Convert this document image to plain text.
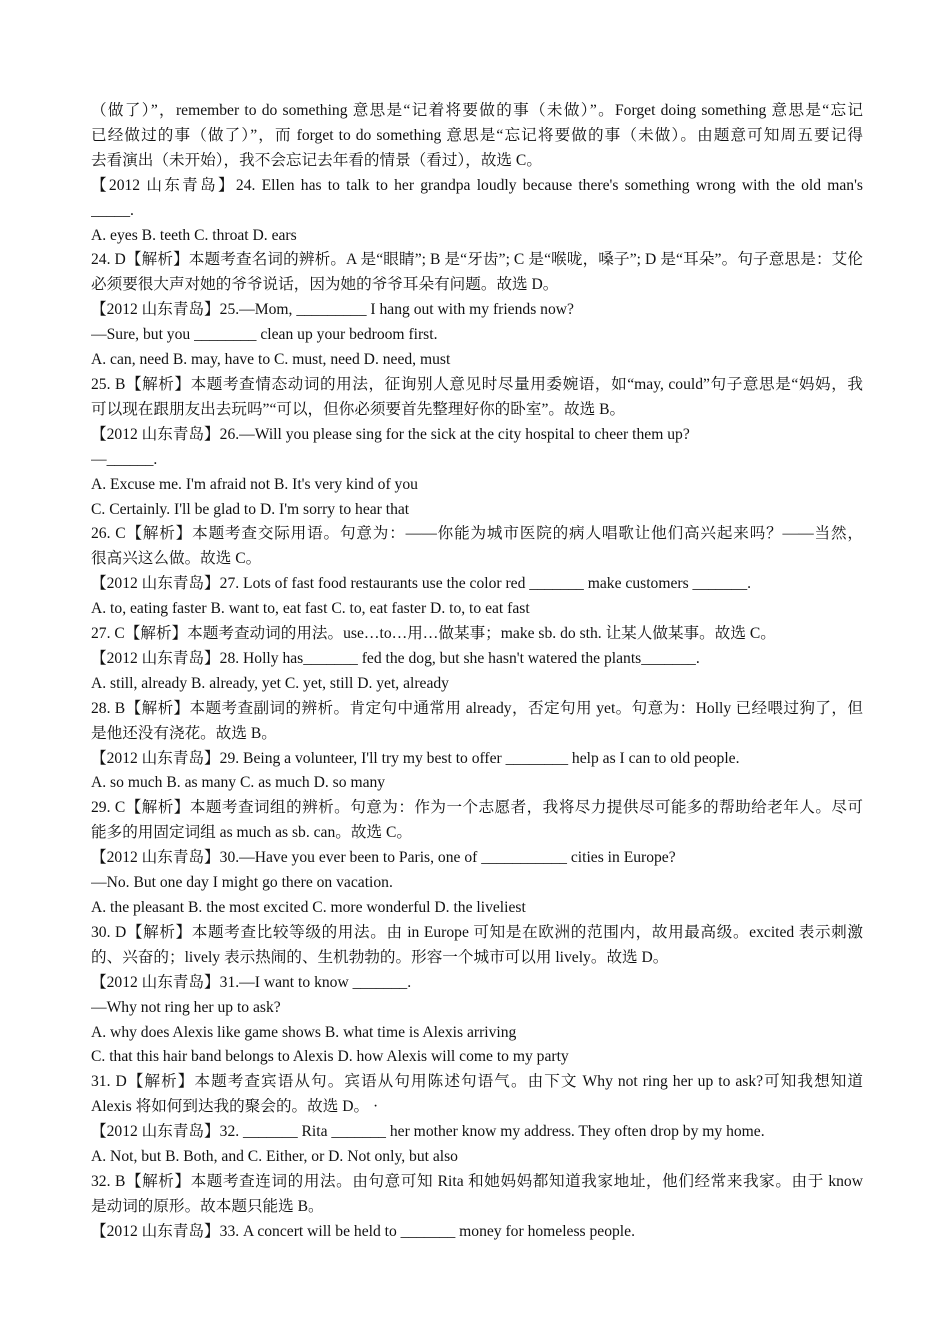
（做了）”，remember to do something 意思是“记着将要做的事（未做）”。Forget doing something 意思是“忘记
已经做过的事（做了）”，而 forget to do something 意思是“忘记将要做的事（未做）。由题意可知周五要记得
去看演出（未开始），我不会忘记去年看的情景（看过），故选 C。
【2012 山东青岛】24. Ellen has to talk to her grandpa loudly because there's something wrong with the old man's
_____.
A. eyes B. teeth C. throat D. ears
24. D【解析】本题考查名词的辨析。A 是“眼睛”; B 是“牙齿”; C 是“喉咙，嗓子”; D 是“耳朵”。句子意思是：艾伦
必须要很大声对她的爷爷说话，因为她的爷爷耳朵有问题。故选 D。
【2012 山东青岛】25.—Mom, _________ I hang out with my friends now?
—Sure, but you ________ clean up your bedroom first.
A. can, need B. may, have to C. must, need D. need, must
25. B【解析】本题考查情态动词的用法，征询别人意见时尽量用委婉语，如“may, could”句子意思是“妈妈，我
可以现在跟朋友出去玩吗”“可以，但你必须要首先整理好你的卧室”。故选 B。
【2012 山东青岛】26.—Will you please sing for the sick at the city hospital to cheer them up?
—______.
A. Excuse me. I'm afraid not B. It's very kind of you
C. Certainly. I'll be glad to D. I'm sorry to hear that
26. C【解析】本题考查交际用语。句意为：——你能为城市医院的病人唱歌让他们高兴起来吗？——当然，
很高兴这么做。故选 C。
【2012 山东青岛】27. Lots of fast food restaurants use the color red _______ make customers _______.
A. to, eating faster B. want to, eat fast C. to, eat faster D. to, to eat fast
27. C【解析】本题考查动词的用法。use…to…用…做某事；make sb. do sth. 让某人做某事。故选 C。
【2012 山东青岛】28. Holly has_______ fed the dog, but she hasn't watered the plants_______.
A. still, already B. already, yet C. yet, still D. yet, already
28. B【解析】本题考查副词的辨析。肯定句中通常用 already，否定句用 yet。句意为：Holly 已经喂过狗了，但
是他还没有浇花。故选 B。
【2012 山东青岛】29. Being a volunteer, I'll try my best to offer ________ help as I can to old people.
A. so much B. as many C. as much D. so many
29. C【解析】本题考查词组的辨析。句意为：作为一个志愿者，我将尽力提供尽可能多的帮助给老年人。尽可
能多的用固定词组 as much as sb. can。故选 C。
【2012 山东青岛】30.—Have you ever been to Paris, one of ___________ cities in Europe?
—No. But one day I might go there on vacation.
A. the pleasant B. the most excited C. more wonderful D. the liveliest
30. D【解析】本题考查比较等级的用法。由 in Europe 可知是在欧洲的范围内，故用最高级。excited 表示刺激
的、兴奋的；lively 表示热闹的、生机勃勃的。形容一个城市可以用 lively。故选 D。
【2012 山东青岛】31.—I want to know _______.
—Why not ring her up to ask?
A. why does Alexis like game shows B. what time is Alexis arriving
C. that this hair band belongs to Alexis D. how Alexis will come to my party
31. D【解析】本题考查宾语从句。宾语从句用陈述句语气。由下文 Why not ring her up to ask?可知我想知道
Alexis 将如何到达我的聚会的。故选 D。 ·
【2012 山东青岛】32. _______ Rita _______ her mother know my address. They often drop by my home.
A. Not, but B. Both, and C. Either, or D. Not only, but also
32. B【解析】本题考查连词的用法。由句意可知 Rita 和她妈妈都知道我家地址，他们经常来我家。由于 know
是动词的原形。故本题只能选 B。
【2012 山东青岛】33. A concert will be held to _______ money for homeless people.
